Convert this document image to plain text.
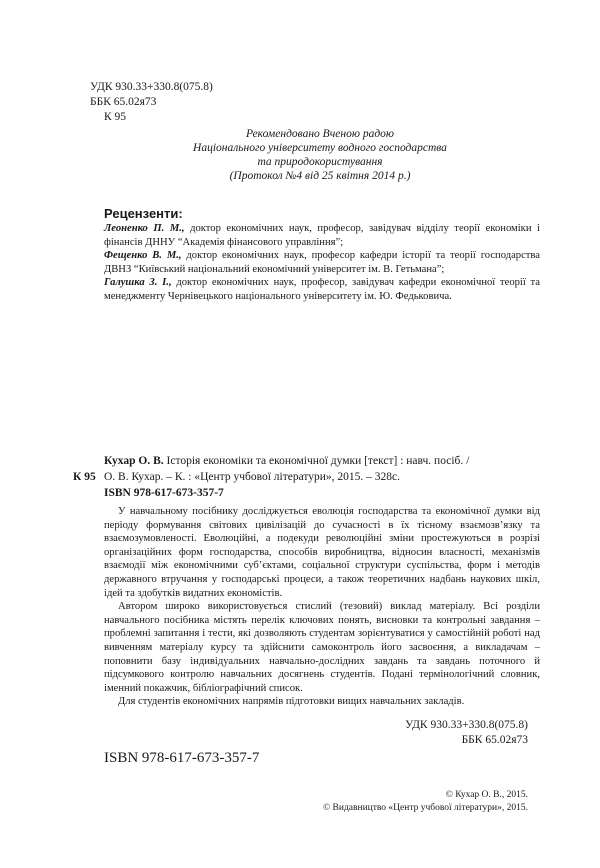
УДК 930.33+330.8(075.8)
ББК 65.02я73
К 95

Рекомендовано Вченою радою

Національного університету водного господарства

та природокористування

(Протокол №4 від 25 квітня 2014 р.)

Рецензенти:

Леоненко П. М., доктор економічних наук, професор, завідувач відділу теорії економіки і фінансів ДННУ “Академія фінансового управління”;

Фещенко В. М., доктор економічних наук, професор кафедри історії та теорії господарства ДВНЗ “Київський національний економічний університет ім. В. Гетьмана”;

Галушка З. І., доктор економічних наук, професор, завідувач кафедри економічної теорії та менеджменту Чернівецького національного університету ім. Ю. Федьковича.

Кухар О. В. Історія економіки та економічної думки [текст] : навч. посіб. /
К 95 О. В. Кухар. – К. : «Центр учбової літератури», 2015. – 328с.
ISBN 978-617-673-357-7

У навчальному посібнику досліджується еволюція господарства та економічної думки від періоду формування світових цивілізацій до сучасності в їх тісному взаємозв’язку та взаємозумовленості. Еволюційні, а подекуди революційні зміни простежуються в розрізі організаційних форм господарства, способів виробництва, відносин власності, механізмів взаємодії між економічними суб’єктами, соціальної структури суспільства, форм і методів державного втручання у господарські процеси, а також теоретичних надбань наукових шкіл, ідей та здобутків видатних економістів.

Автором широко використовується стислий (тезовий) виклад матеріалу. Всі розділи навчального посібника містять перелік ключових понять, висновки та контрольні завдання – проблемні запитання і тести, які дозволяють студентам зорієнтуватися у самостійній роботі над вивченням матеріалу курсу та здійснити самоконтроль його засвоєння, а викладачам – поповнити базу індивідуальних навчально-дослідних завдань та завдань поточного й підсумкового контролю навчальних досягнень студентів. Подані термінологічний словник, іменний покажчик, бібліографічний список.

Для студентів економічних напрямів підготовки вищих навчальних закладів.

УДК 930.33+330.8(075.8)
ББК 65.02я73
ISBN 978-617-673-357-7

© Кухар О. В., 2015.

© Видавництво «Центр учбової літератури», 2015.
